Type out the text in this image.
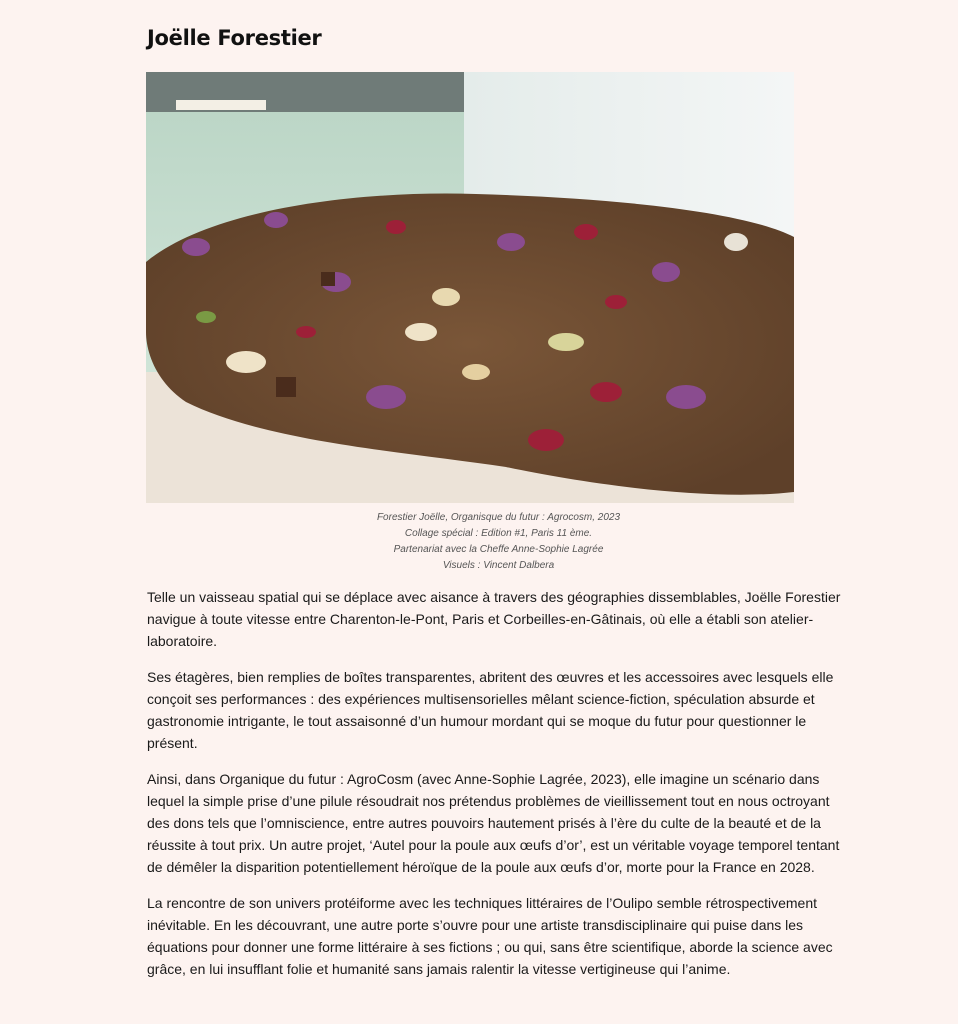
Joëlle Forestier
Forestier Joëlle, Organisque du futur : Agrocosm, 2023
Collage spécial : Edition #1, Paris 11 ème.
Partenariat avec la Cheffe Anne-Sophie Lagrée
Visuels : Vincent Dalbera

Telle un vaisseau spatial qui se déplace avec aisance à travers des géographies dissemblables, Joëlle Forestier navigue à toute vitesse entre Charenton-le-Pont, Paris et Corbeilles-en-Gâtinais, où elle a établi son atelier-laboratoire.

Ses étagères, bien remplies de boîtes transparentes, abritent des œuvres et les accessoires avec lesquels elle conçoit ses performances : des expériences multisensorielles mêlant science-fiction, spéculation absurde et gastronomie intrigante, le tout assaisonné d’un humour mordant qui se moque du futur pour questionner le présent.

Ainsi, dans Organique du futur : AgroCosm (avec Anne-Sophie Lagrée, 2023), elle imagine un scénario dans lequel la simple prise d’une pilule résoudrait nos prétendus problèmes de vieillissement tout en nous octroyant des dons tels que l’omniscience, entre autres pouvoirs hautement prisés à l’ère du culte de la beauté et de la réussite à tout prix. Un autre projet, ‘Autel pour la poule aux œufs d’or’, est un véritable voyage temporel tentant de démêler la disparition potentiellement héroïque de la poule aux œufs d’or, morte pour la France en 2028.

La rencontre de son univers protéiforme avec les techniques littéraires de l’Oulipo semble rétrospectivement inévitable. En les découvrant, une autre porte s’ouvre pour une artiste transdisciplinaire qui puise dans les équations pour donner une forme littéraire à ses fictions ; ou qui, sans être scientifique, aborde la science avec grâce, en lui insufflant folie et humanité sans jamais ralentir la vitesse vertigineuse qui l’anime.
